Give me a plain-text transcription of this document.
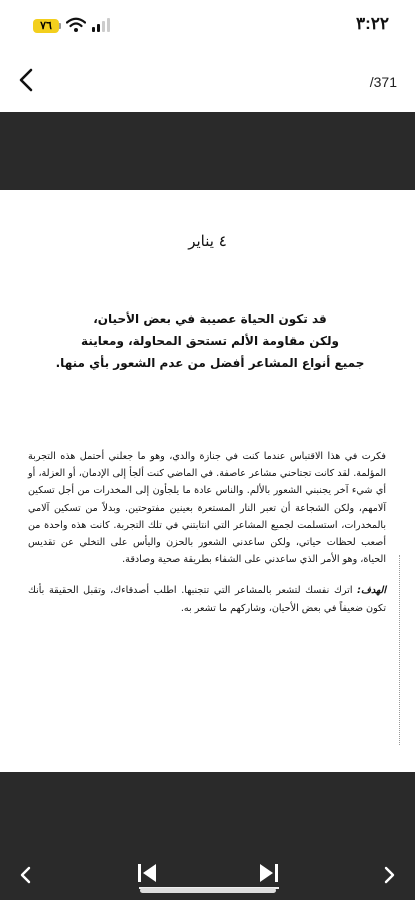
٧٦	٣:٢٢
/371
٤ يناير
قد تكون الحياة عصيبة في بعض الأحيان،
ولكن مقاومة الألم تستحق المحاولة، ومعاينة
جميع أنواع المشاعر أفضل من عدم الشعور بأي منها.

فكرت في هذا الاقتباس عندما كنت في جنازة والدي، وهو ما جعلني أحتمل هذه التجربة المؤلمة. لقد كانت تجتاحني مشاعر عاصفة. في الماضي كنت ألجأ إلى الإدمان، أو العزلة، أو أي شيء آخر يجنبني الشعور بالألم. والناس عادة ما يلجأون إلى المخدرات من أجل تسكين آلامهم، ولكن الشجاعة أن تعبر النار المستعرة بعينين مفتوحتين. وبدلاً من تسكين آلامي بالمخدرات، استسلمت لجميع المشاعر التي انتابتني في تلك التجربة. كانت هذه واحدة من أصعب لحظات حياتي، ولكن ساعدني الشعور بالحزن واليأس على التخلي عن تقديس الحياة، وهو الأمر الذي ساعدني على الشفاء بطريقة صحية وصادقة.

الهدف: اترك نفسك لتشعر بالمشاعر التي تتجنبها. اطلب أصدقاءك، وتقبل الحقيقة بأنك تكون ضعيفاً في بعض الأحيان، وشاركهم ما تشعر به.
